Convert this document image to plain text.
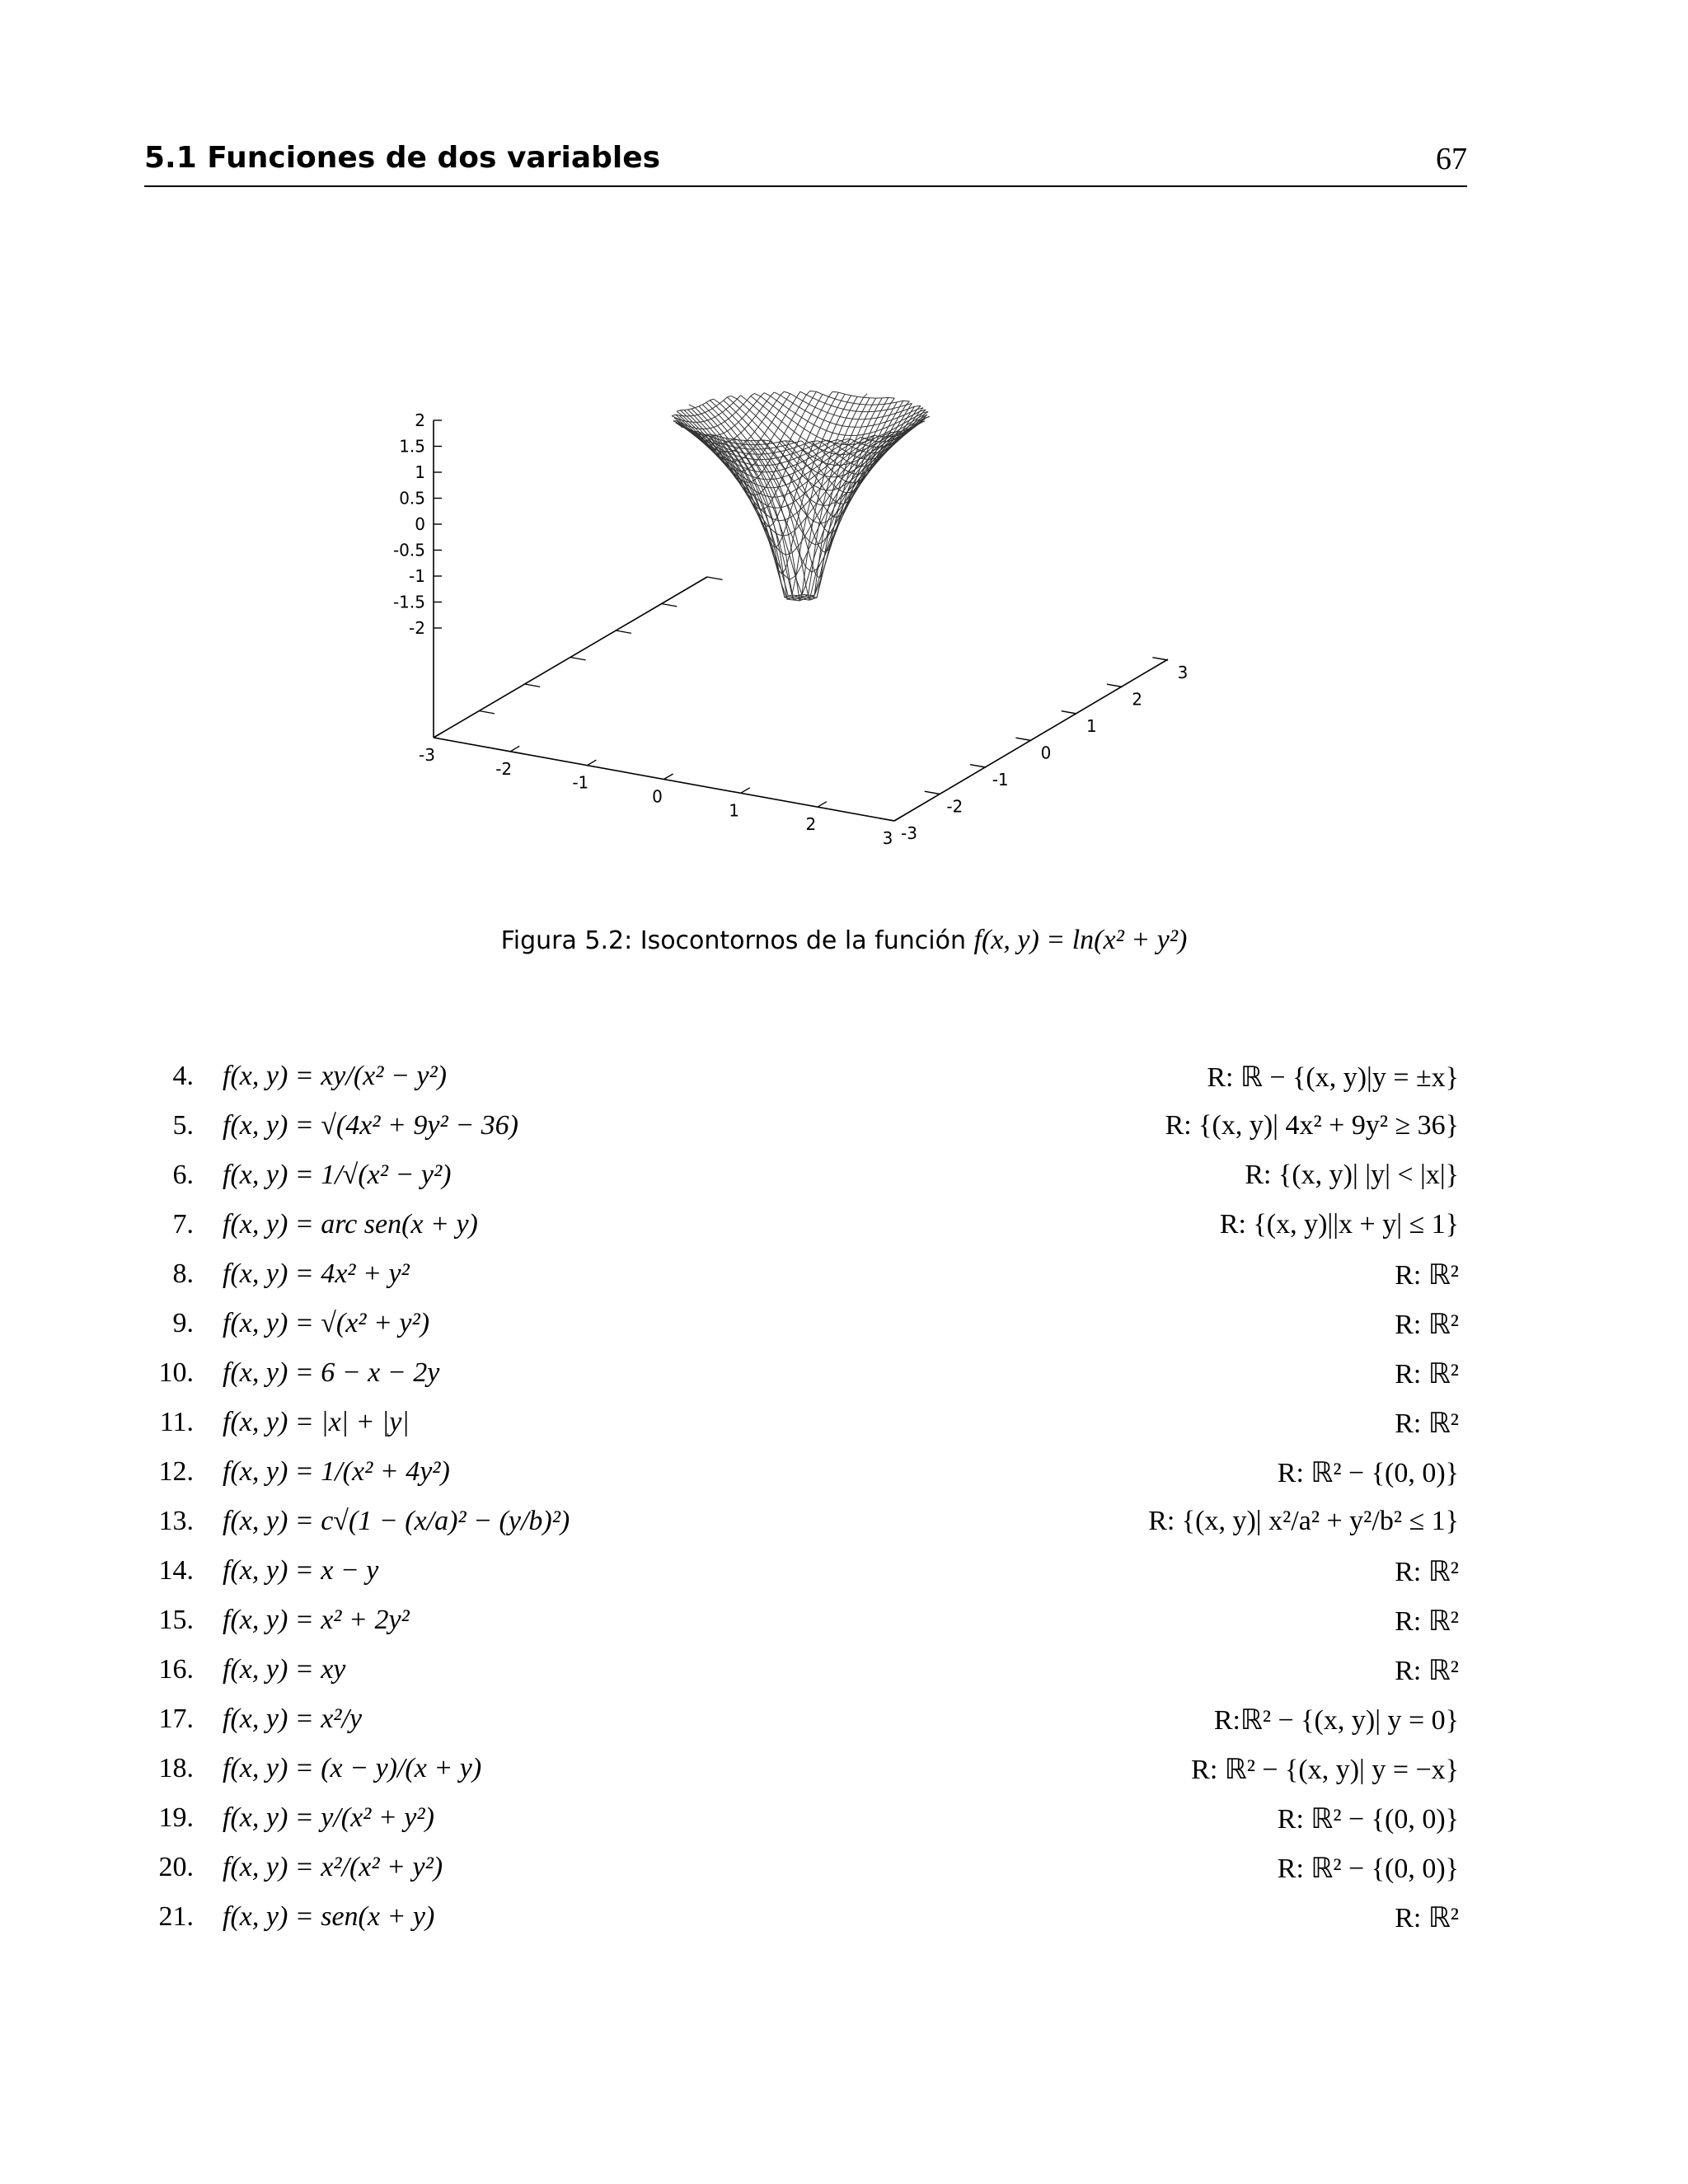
5.1 Funciones de dos variables	67
2
1.5
1
0.5
0
-0.5
-1
-1.5
-2
-3
-2
-1
0
1
2
3 -3
-2
-1
0
1
2
3
Figura 5.2: Isocontornos de la función f(x, y) = ln(x² + y²)
4. f(x, y) = xy/(x² − y²)	R: ℝ − {(x, y)|y = ±x}
5. f(x, y) = √(4x² + 9y² − 36)	R: {(x, y)| 4x² + 9y² ≥ 36}
6. f(x, y) = 1/√(x² − y²)	R: {(x, y)| |y| < |x|}
7. f(x, y) = arc sen(x + y)	R: {(x, y)||x + y| ≤ 1}
8. f(x, y) = 4x² + y²	R: ℝ²
9. f(x, y) = √(x² + y²)	R: ℝ²
10. f(x, y) = 6 − x − 2y	R: ℝ²
11. f(x, y) = |x| + |y|	R: ℝ²
12. f(x, y) = 1/(x² + 4y²)	R: ℝ² − {(0, 0)}
13. f(x, y) = c√(1 − (x/a)² − (y/b)²)	R: {(x, y)| x²/a² + y²/b² ≤ 1}
14. f(x, y) = x − y	R: ℝ²
15. f(x, y) = x² + 2y²	R: ℝ²
16. f(x, y) = xy	R: ℝ²
17. f(x, y) = x²/y	R:ℝ² − {(x, y)| y = 0}
18. f(x, y) = (x − y)/(x + y)	R: ℝ² − {(x, y)| y = −x}
19. f(x, y) = y/(x² + y²)	R: ℝ² − {(0, 0)}
20. f(x, y) = x²/(x² + y²)	R: ℝ² − {(0, 0)}
21. f(x, y) = sen(x + y)	R: ℝ²
